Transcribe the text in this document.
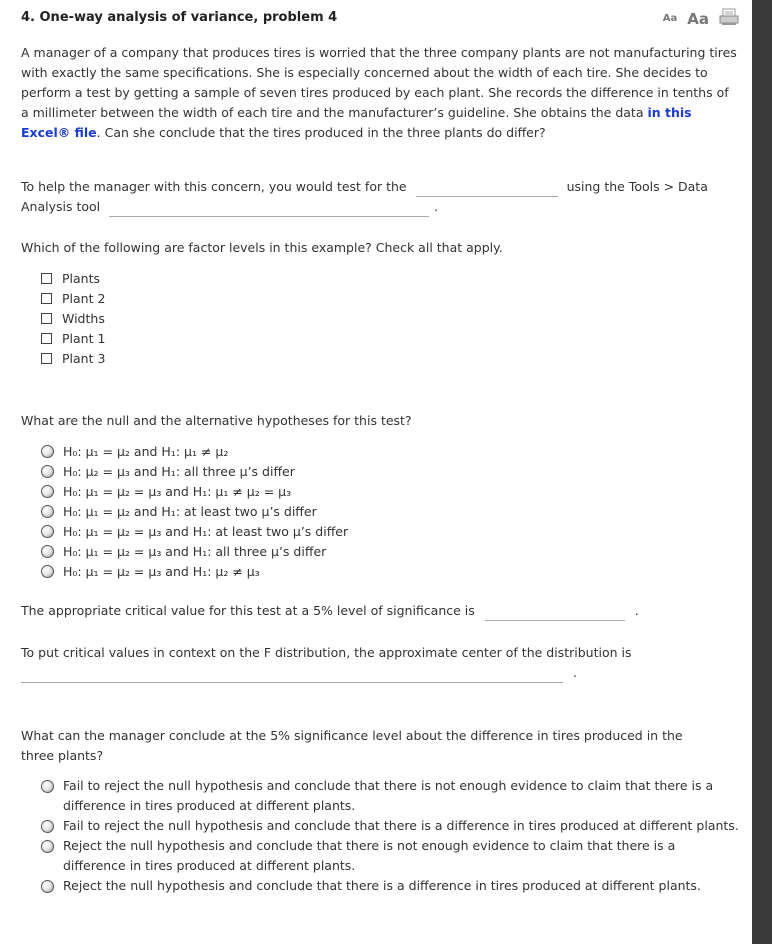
4. One-way analysis of variance, problem 4	Aa Aa
A manager of a company that produces tires is worried that the three company plants are not manufacturing tires with exactly the same specifications. She is especially concerned about the width of each tire. She decides to perform a test by getting a sample of seven tires produced by each plant. She records the difference in tenths of a millimeter between the width of each tire and the manufacturer’s guideline. She obtains the data in this Excel® file. Can she conclude that the tires produced in the three plants do differ?
To help the manager with this concern, you would test for the	using the Tools > Data
Analysis tool	.
Which of the following are factor levels in this example? Check all that apply.
Plants
Plant 2
Widths
Plant 1
Plant 3
What are the null and the alternative hypotheses for this test?
H₀: μ₁ = μ₂ and H₁: μ₁ ≠ μ₂
H₀: μ₂ = μ₃ and H₁: all three μ’s differ
H₀: μ₁ = μ₂ = μ₃ and H₁: μ₁ ≠ μ₂ = μ₃
H₀: μ₁ = μ₂ and H₁: at least two μ’s differ
H₀: μ₁ = μ₂ = μ₃ and H₁: at least two μ’s differ
H₀: μ₁ = μ₂ = μ₃ and H₁: all three μ’s differ
H₀: μ₁ = μ₂ = μ₃ and H₁: μ₂ ≠ μ₃
The appropriate critical value for this test at a 5% level of significance is	.
To put critical values in context on the F distribution, the approximate center of the distribution is
.
What can the manager conclude at the 5% significance level about the difference in tires produced in the three plants?
Fail to reject the null hypothesis and conclude that there is not enough evidence to claim that there is a difference in tires produced at different plants.
Fail to reject the null hypothesis and conclude that there is a difference in tires produced at different plants.
Reject the null hypothesis and conclude that there is not enough evidence to claim that there is a difference in tires produced at different plants.
Reject the null hypothesis and conclude that there is a difference in tires produced at different plants.
